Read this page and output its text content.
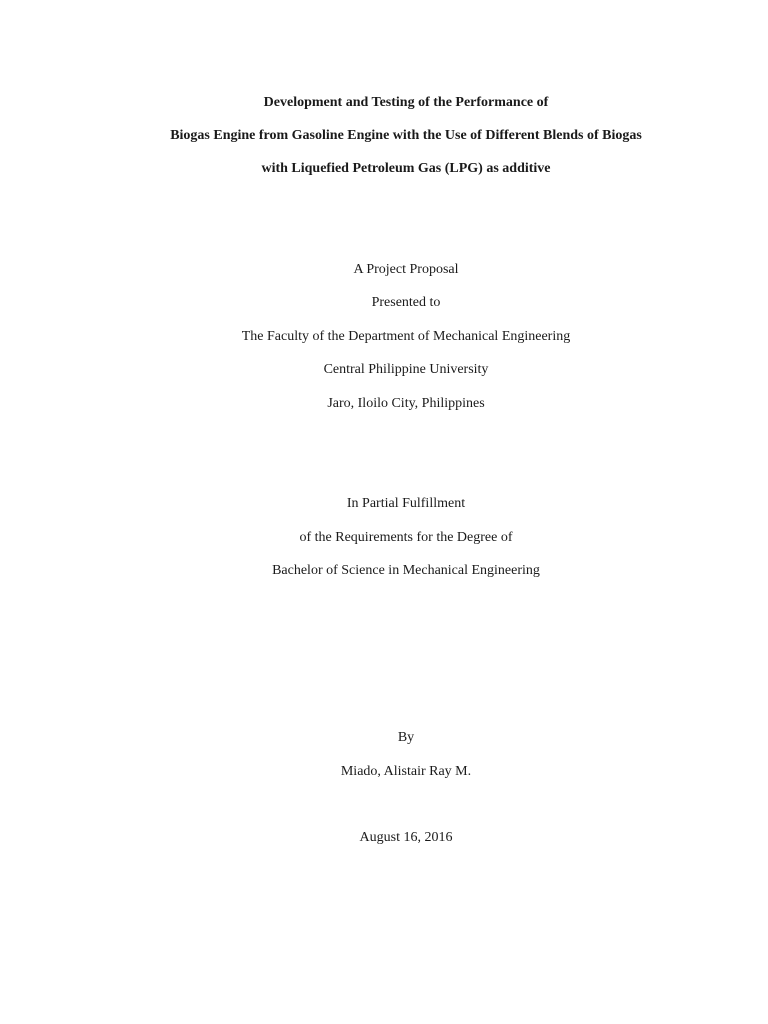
Development and Testing of the Performance of
Biogas Engine from Gasoline Engine with the Use of Different Blends of Biogas
with Liquefied Petroleum Gas (LPG) as additive
A Project Proposal
Presented to
The Faculty of the Department of Mechanical Engineering
Central Philippine University
Jaro, Iloilo City, Philippines
In Partial Fulfillment
of the Requirements for the Degree of
Bachelor of Science in Mechanical Engineering
By
Miado, Alistair Ray M.
August 16, 2016
